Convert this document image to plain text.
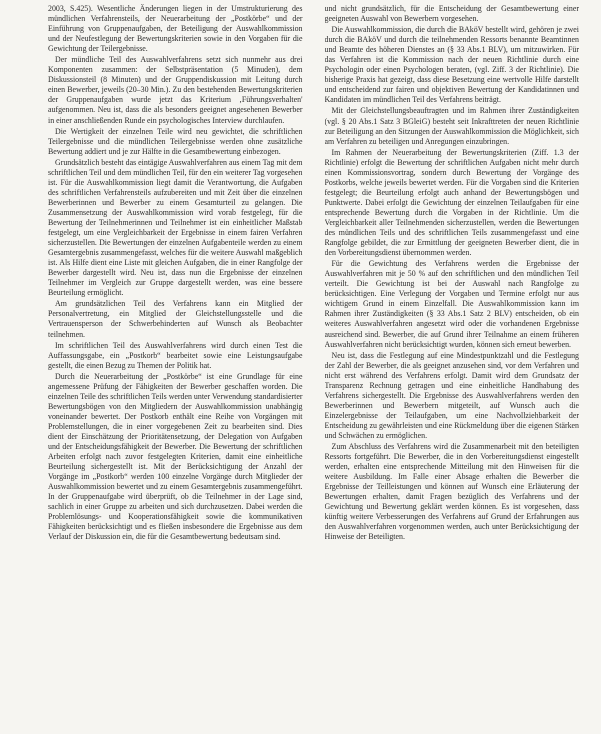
2003, S.425). Wesentliche Änderungen liegen in der Umstrukturierung des mündlichen Verfahrensteils, der Neuerarbeitung der „Postkörbe“ und der Einführung von Gruppenaufgaben, der Beteiligung der Auswahlkommission und der Neufestlegung der Bewertungskriterien sowie in den Vorgaben für die Gewichtung der Teilergebnisse.

Der mündliche Teil des Auswahlverfahrens setzt sich nunmehr aus drei Komponenten zusammen: der Selbstpräsentation (5 Minuden), dem Diskussionsteil (8 Minuten) und der Gruppendiskussion mit Leitung durch einen Bewerber, jeweils (20–30 Min.). Zu den bestehenden Bewertungskriterien der Gruppenaufgaben wurde jetzt das Kriterium ‚Führungsverhalten' aufgenommen. Neu ist, dass die als besonders geeignet angesehenen Bewerber in einer anschließenden Runde ein psychologisches Interview durchlaufen.

Die Wertigkeit der einzelnen Teile wird neu gewichtet, die schriftlichen Teilergebnisse und die mündlichen Teilergebnisse werden ohne zusätzliche Bewertung addiert und je zur Hälfte in die Gesamtbewertung einbezogen.

Grundsätzlich besteht das eintägige Auswahlverfahren aus einem Tag mit dem schriftlichen Teil und dem mündlichen Teil, für den ein weiterer Tag vorgesehen ist. Für die Auswahlkommission liegt damit die Verantwortung, die Aufgaben des schriftlichen Verfahrensteils aufzubereiten und mit Zeit über die einzelnen Bewerberinnen und Bewerber zu einem Gesamturteil zu gelangen. Die Zusammensetzung der Auswahlkommission wird vorab festgelegt, für die Bewertung der Teilnehmerinnen und Teilnehmer ist ein einheitlicher Maßstab festgelegt, um eine Vergleichbarkeit der Ergebnisse in einem fairen Verfahren sicherzustellen. Die Bewertungen der einzelnen Aufgabenteile werden zu einem Gesamtergebnis zusammengefasst, welches für die weitere Auswahl maßgeblich ist. Als Hilfe dient eine Liste mit gleichen Aufgaben, die in einer Rangfolge der Bewerber dargestellt wird. Neu ist, dass nun die Ergebnisse der einzelnen Teilnehmer im Vergleich zur Gruppe dargestellt werden, was eine bessere Beurteilung ermöglicht.

Am grundsätzlichen Teil des Verfahrens kann ein Mitglied der Personalvertretung, ein Mitglied der Gleichstellungsstelle und die Vertrauensperson der Schwerbehinderten auf Wunsch als Beobachter teilnehmen.

Im schriftlichen Teil des Auswahlverfahrens wird durch einen Test die Auffassungsgabe, ein „Postkorb“ bearbeitet sowie eine Leistungsaufgabe gestellt, die einen Bezug zu Themen der Politik hat.

Durch die Neuerarbeitung der „Postkörbe“ ist eine Grundlage für eine angemessene Prüfung der Fähigkeiten der Bewerber geschaffen worden. Die einzelnen Teile des schriftlichen Teils werden unter Verwendung standardisierter Bewertungsbögen von den Mitgliedern der Auswahlkommission unabhängig voneinander bewertet. Der Postkorb enthält eine Reihe von Vorgängen mit Problemstellungen, die in einer vorgegebenen Zeit zu bearbeiten sind. Dies dient der Einschätzung der Prioritätensetzung, der Delegation von Aufgaben und der Entscheidungsfähigkeit der Bewerber. Die Bewertung der schriftlichen Arbeiten erfolgt nach zuvor festgelegten Kriterien, damit eine einheitliche Beurteilung sichergestellt ist. Mit der Berücksichtigung der Anzahl der Vorgänge im „Postkorb“ werden 100 einzelne Vorgänge durch Mitglieder der Auswahlkommission bewertet und zu einem Gesamtergebnis zusammengeführt. In der Gruppenaufgabe wird überprüft, ob die Teilnehmer in der Lage sind, sachlich in einer Gruppe zu arbeiten und sich durchzusetzen. Dabei werden die Problemlösungs- und Kooperationsfähigkeit sowie die kommunikativen Fähigkeiten berücksichtigt und es fließen insbesondere die Ergebnisse aus dem Verlauf der Diskussion ein, die für die Gesamtbewertung bedeutsam sind.

und nicht grundsätzlich, für die Entscheidung der Gesamtbewertung einer geeigneten Auswahl von Bewerbern vorgesehen.

Die Auswahlkommission, die durch die BAköV bestellt wird, gehören je zwei durch die BAköV und durch die teilnehmenden Ressorts benannte Beamtinnen und Beamte des höheren Dienstes an (§ 33 Abs.1 BLV), um mitzuwirken. Für das Verfahren ist die Kommission nach der neuen Richtlinie durch eine Psychologin oder einen Psychologen beraten, (vgl. Ziff. 3 der Richtlinie). Die bisherige Praxis hat gezeigt, dass diese Besetzung eine wertvolle Hilfe darstellt und entscheidend zur fairen und objektiven Bewertung der Kandidatinnen und Kandidaten im mündlichen Teil des Verfahrens beiträgt.

Mit der Gleichstellungsbeauftragten und im Rahmen ihrer Zuständigkeiten (vgl. § 20 Abs.1 Satz 3 BGleiG) besteht seit Inkrafttreten der neuen Richtlinie zur Beteiligung an den Sitzungen der Auswahlkommission die Möglichkeit, sich am Verfahren zu beteiligen und Anregungen einzubringen.

Im Rahmen der Neuerarbeitung der Bewertungskriterien (Ziff. 1.3 der Richtlinie) erfolgt die Bewertung der schriftlichen Aufgaben nicht mehr durch einen Kommissionsvortrag, sondern durch Bewertung der Vorgänge des Postkorbs, welche jeweils bewertet werden. Für die Vorgaben sind die Kriterien festgelegt; die Beurteilung erfolgt auch anhand der Bewertungsbögen und Punktwerte. Dabei erfolgt die Gewichtung der einzelnen Teilaufgaben für eine entsprechende Bewertung durch die Vorgaben in der Richtlinie. Um die Vergleichbarkeit aller Teilnehmenden sicherzustellen, werden die Bewertungen des mündlichen Teils und des schriftlichen Teils zusammengefasst und eine Rangfolge gebildet, die zur Ermittlung der geeigneten Bewerber dient, die in den Vorbereitungsdienst übernommen werden.

Für die Gewichtung des Verfahrens werden die Ergebnisse der Auswahlverfahren mit je 50 % auf den schriftlichen und den mündlichen Teil verteilt. Die Gewichtung ist bei der Auswahl nach Rangfolge zu berücksichtigen. Eine Verlegung der Vorgaben und Termine erfolgt nur aus wichtigem Grund in einem Einzelfall. Die Auswahlkommission kann im Rahmen ihrer Zuständigkeiten (§ 33 Abs.1 Satz 2 BLV) entscheiden, ob ein weiteres Auswahlverfahren angesetzt wird oder die vorhandenen Ergebnisse ausreichend sind. Bewerber, die auf Grund ihrer Teilnahme an einem früheren Auswahlverfahren nicht berücksichtigt wurden, können sich erneut bewerben.

Neu ist, dass die Festlegung auf eine Mindestpunktzahl und die Festlegung der Zahl der Bewerber, die als geeignet anzusehen sind, vor dem Verfahren und nicht erst während des Verfahrens erfolgt. Damit wird dem Grundsatz der Transparenz Rechnung getragen und eine einheitliche Handhabung des Verfahrens sichergestellt. Die Ergebnisse des Auswahlverfahrens werden den Bewerberinnen und Bewerbern mitgeteilt, auf Wunsch auch die Einzelergebnisse der Teilaufgaben, um eine Nachvollziehbarkeit der Entscheidung zu gewährleisten und eine Rückmeldung über die eigenen Stärken und Schwächen zu ermöglichen.

Zum Abschluss des Verfahrens wird die Zusammenarbeit mit den beteiligten Ressorts fortgeführt. Die Bewerber, die in den Vorbereitungsdienst eingestellt werden, erhalten eine entsprechende Mitteilung mit den Hinweisen für die weitere Ausbildung. Im Falle einer Absage erhalten die Bewerber die Ergebnisse der Teilleistungen und können auf Wunsch eine Erläuterung der Bewertungen erhalten, damit Fragen bezüglich des Verfahrens und der Gewichtung und Bewertung geklärt werden können. Es ist vorgesehen, dass künftig weitere Verbesserungen des Verfahrens auf Grund der Erfahrungen aus den Auswahlverfahren vorgenommen werden, auch unter Berücksichtigung der Hinweise der Beteiligten.
